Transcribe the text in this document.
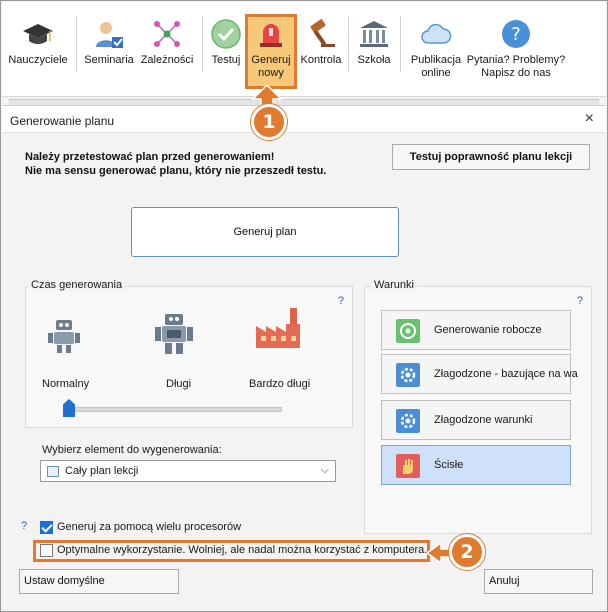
Nauczyciele Seminaria Zależności	Testuj	Generuj
nowy
Kontrola	Szkoła	Publikacja
online
?
Pytania? Problemy?
Napisz do nas
Generowanie planu	×
Należy przetestować plan przed generowaniem!
Nie ma sensu generować planu, który nie przeszedł testu.
Testuj poprawność planu lekcji
Generuj plan
Czas generowania
?
Normalny	Długi	Bardzo długi
Warunki
?
Generowanie robocze
Złagodzone - bazujące na wa
Złagodzone warunki
Ścisłe
Wybierz element do wygenerowania:
Cały plan lekcji	⌵
?	Generuj za pomocą wielu procesorów
Optymalne wykorzystanie. Wolniej, ale nadal można korzystać z komputera.
Ustaw domyślne	Anuluj
1
2
